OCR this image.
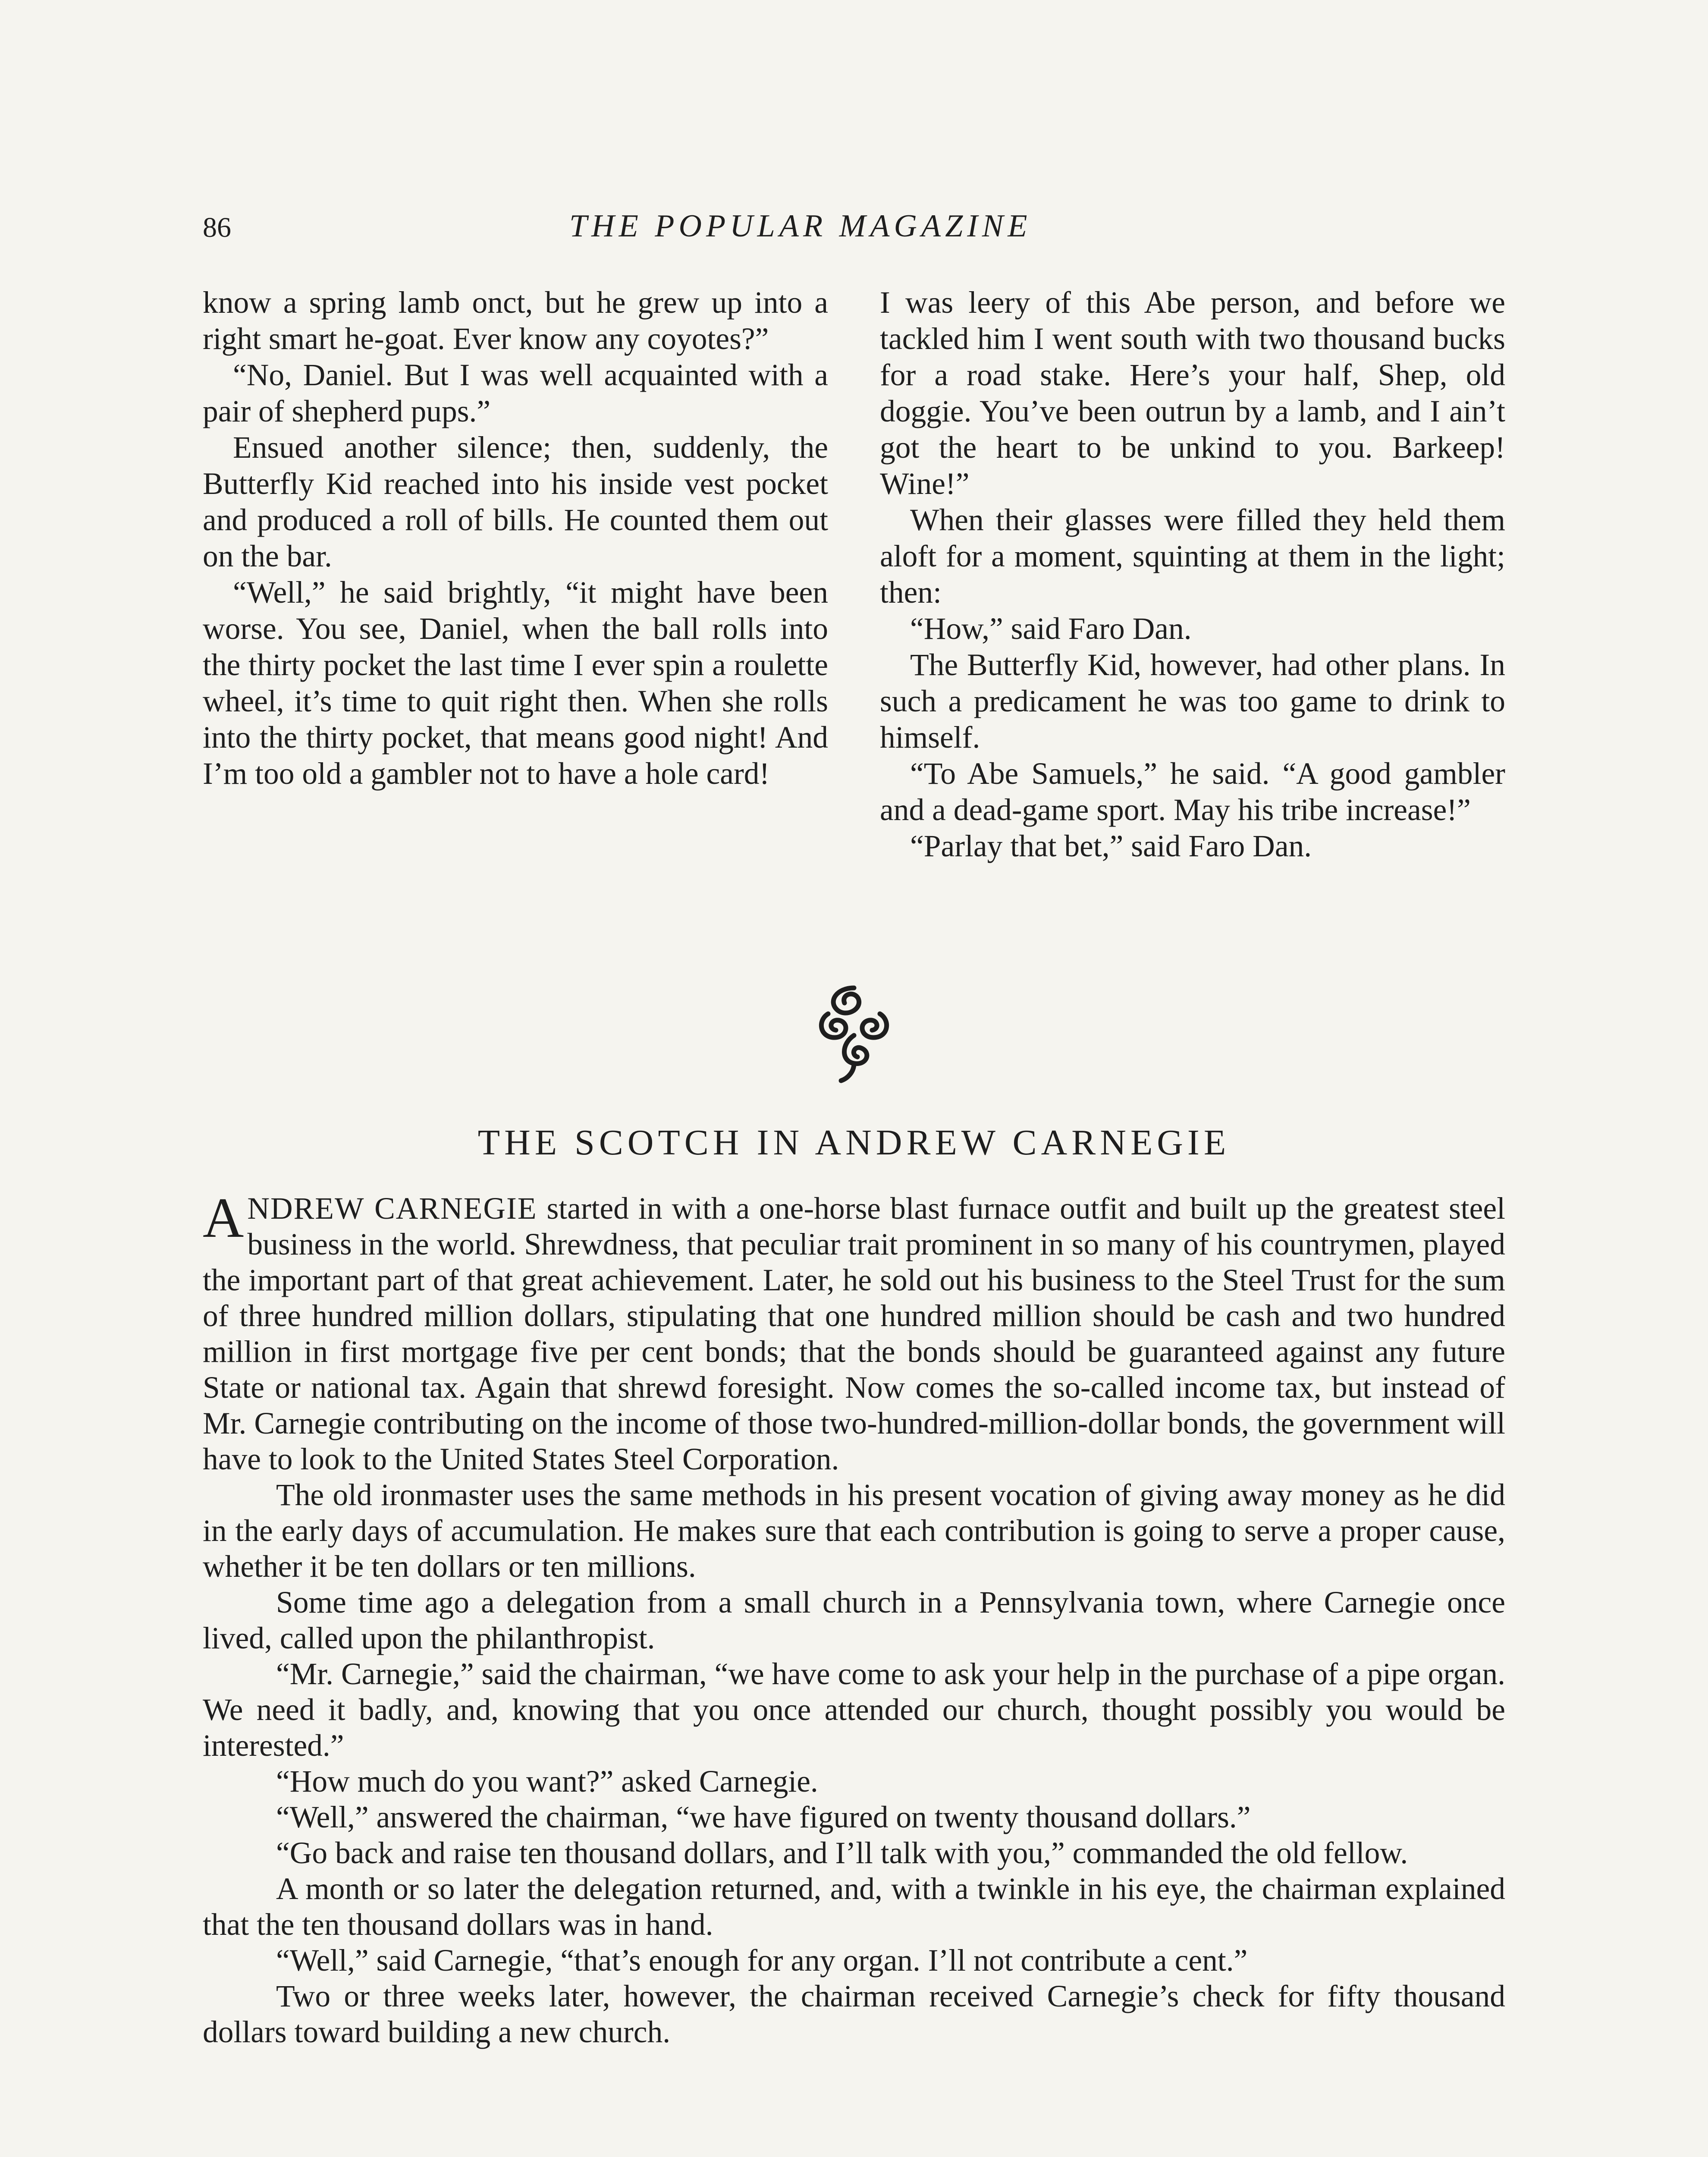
86	THE POPULAR MAGAZINE

know a spring lamb onct, but he grew up into a right smart he-goat. Ever know any coyotes?”

“No, Daniel. But I was well acquainted with a pair of shepherd pups.”

Ensued another silence; then, suddenly, the Butterfly Kid reached into his inside vest pocket and produced a roll of bills. He counted them out on the bar.

“Well,” he said brightly, “it might have been worse. You see, Daniel, when the ball rolls into the thirty pocket the last time I ever spin a roulette wheel, it’s time to quit right then. When she rolls into the thirty pocket, that means good night! And I’m too old a gambler not to have a hole card!

I was leery of this Abe person, and before we tackled him I went south with two thousand bucks for a road stake. Here’s your half, Shep, old doggie. You’ve been outrun by a lamb, and I ain’t got the heart to be unkind to you. Barkeep! Wine!”

When their glasses were filled they held them aloft for a moment, squinting at them in the light; then:

“How,” said Faro Dan.

The Butterfly Kid, however, had other plans. In such a predicament he was too game to drink to himself.

“To Abe Samuels,” he said. “A good gambler and a dead-game sport. May his tribe increase!”

“Parlay that bet,” said Faro Dan.

THE SCOTCH IN ANDREW CARNEGIE

ANDREW CARNEGIE started in with a one-horse blast furnace outfit and built up the greatest steel business in the world. Shrewdness, that peculiar trait prominent in so many of his countrymen, played the important part of that great achievement. Later, he sold out his business to the Steel Trust for the sum of three hundred million dollars, stipulating that one hundred million should be cash and two hundred million in first mortgage five per cent bonds; that the bonds should be guaranteed against any future State or national tax. Again that shrewd foresight. Now comes the so-called income tax, but instead of Mr. Carnegie contributing on the income of those two-hundred-million-dollar bonds, the government will have to look to the United States Steel Corporation.

The old ironmaster uses the same methods in his present vocation of giving away money as he did in the early days of accumulation. He makes sure that each contribution is going to serve a proper cause, whether it be ten dollars or ten millions.

Some time ago a delegation from a small church in a Pennsylvania town, where Carnegie once lived, called upon the philanthropist.

“Mr. Carnegie,” said the chairman, “we have come to ask your help in the purchase of a pipe organ. We need it badly, and, knowing that you once attended our church, thought possibly you would be interested.”

“How much do you want?” asked Carnegie.

“Well,” answered the chairman, “we have figured on twenty thousand dollars.”

“Go back and raise ten thousand dollars, and I’ll talk with you,” commanded the old fellow.

A month or so later the delegation returned, and, with a twinkle in his eye, the chairman explained that the ten thousand dollars was in hand.

“Well,” said Carnegie, “that’s enough for any organ. I’ll not contribute a cent.”

Two or three weeks later, however, the chairman received Carnegie’s check for fifty thousand dollars toward building a new church.
